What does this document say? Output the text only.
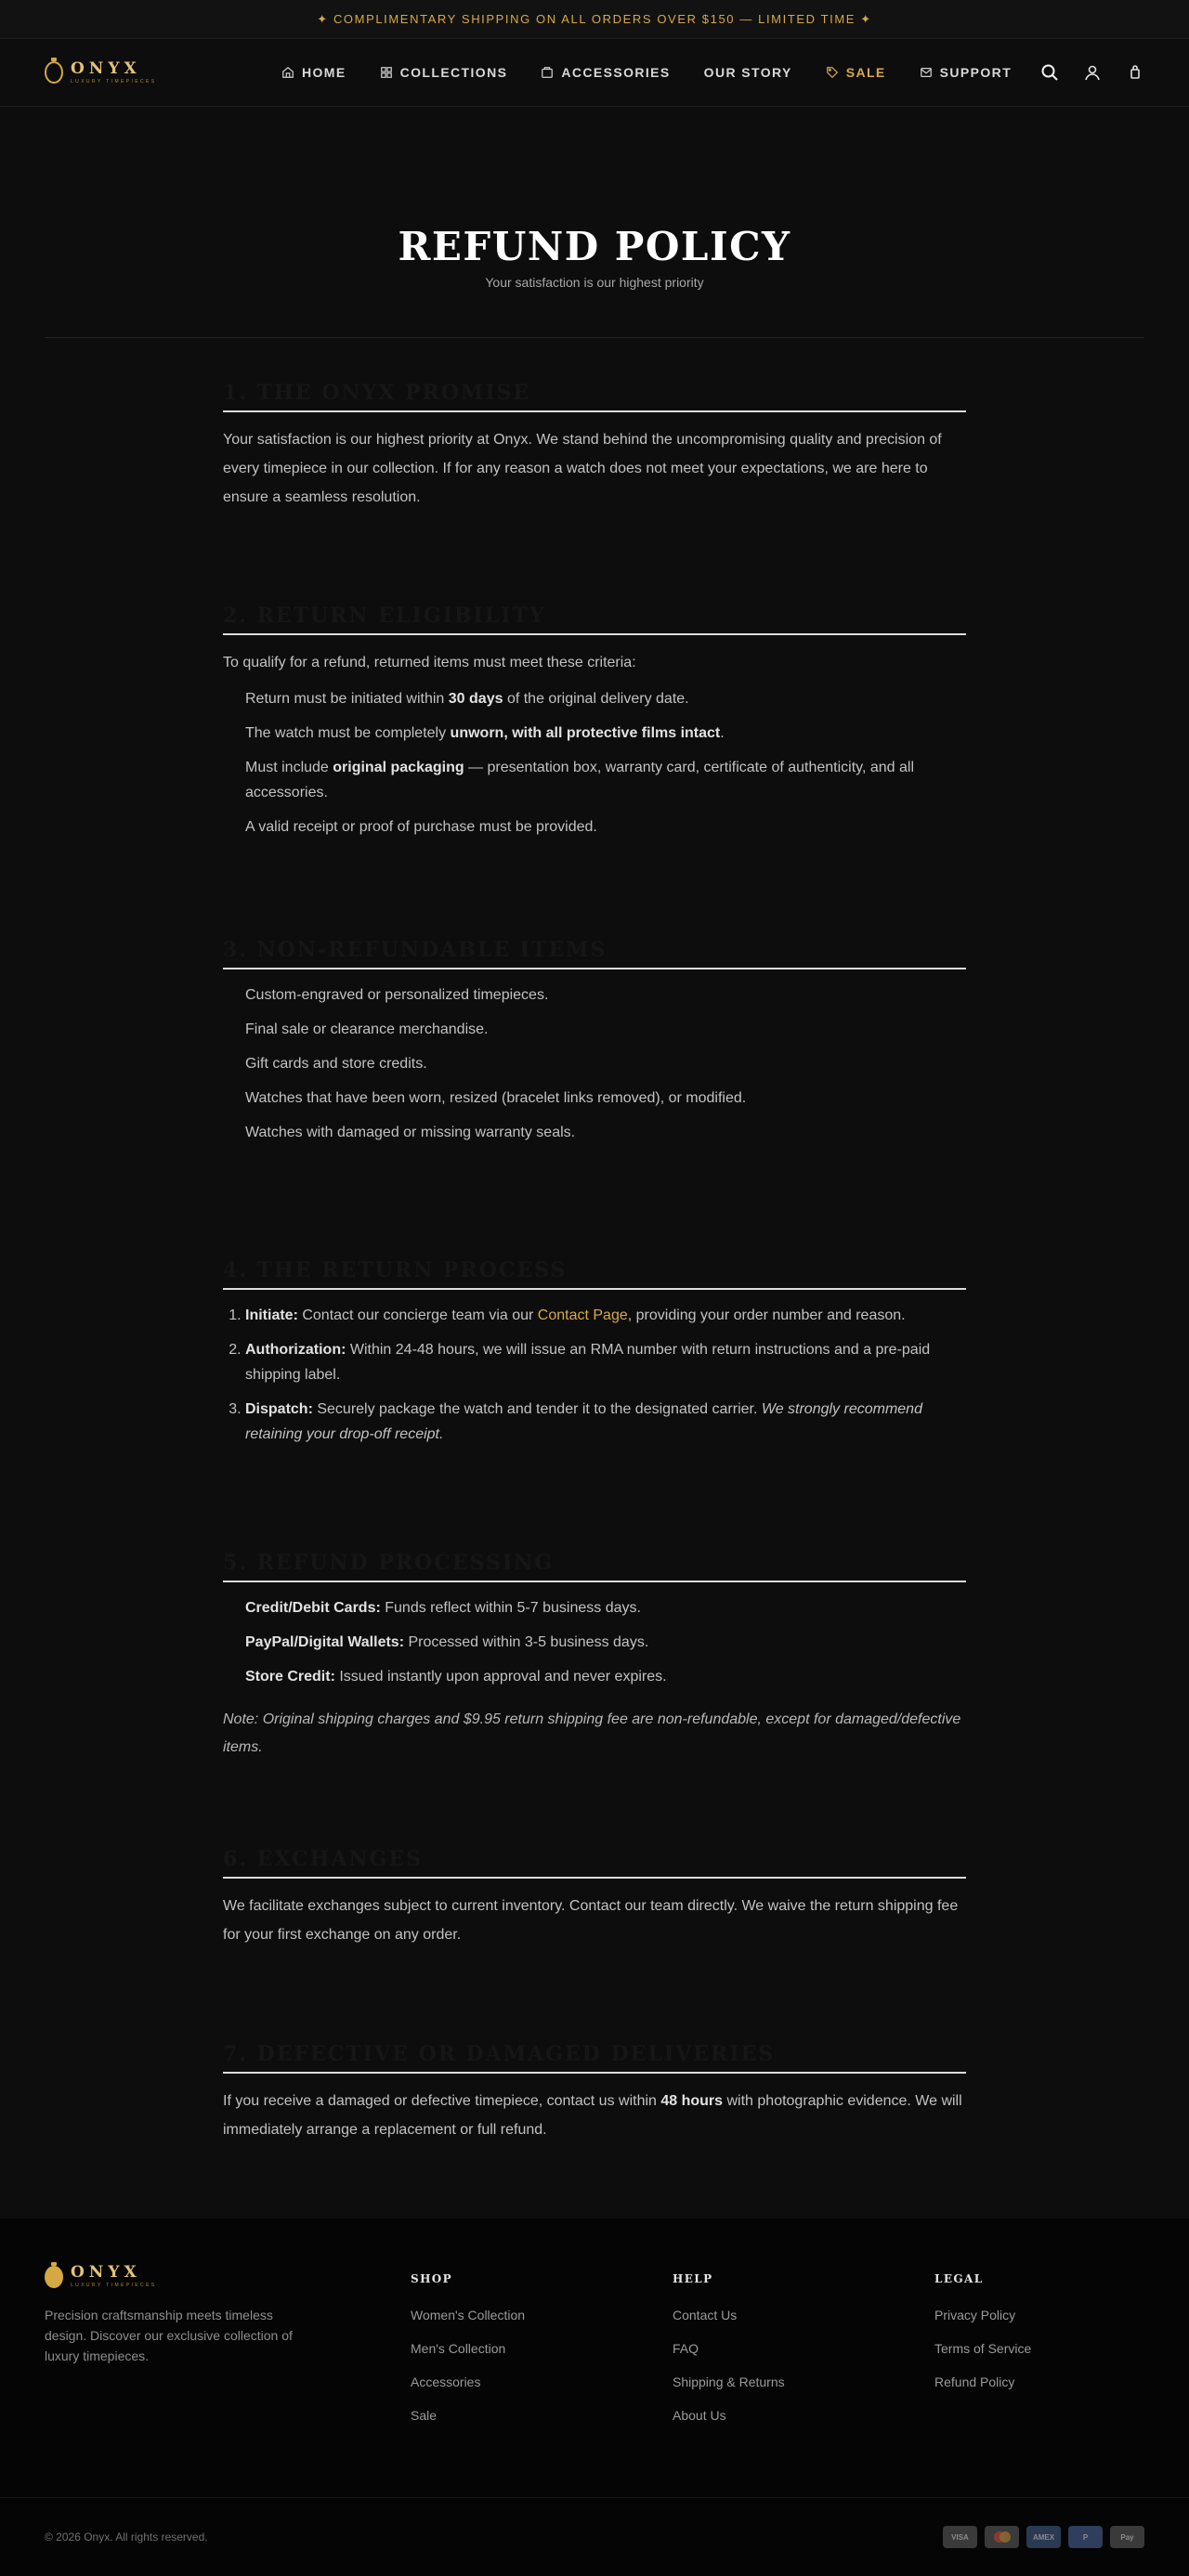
✦ COMPLIMENTARY SHIPPING ON ALL ORDERS OVER $150 — LIMITED TIME ✦
ONYX
LUXURY TIMEPIECES
HOME	COLLECTIONS	ACCESSORIES	OUR STORY	SALE	SUPPORT
REFUND POLICY

Your satisfaction is our highest priority

1. THE ONYX PROMISE

Your satisfaction is our highest priority at Onyx. We stand behind the uncompromising quality and precision of every timepiece in our collection. If for any reason a watch does not meet your expectations, we are here to ensure a seamless resolution.

2. RETURN ELIGIBILITY

To qualify for a refund, returned items must meet these criteria:

Return must be initiated within 30 days of the original delivery date.
The watch must be completely unworn, with all protective films intact.
Must include original packaging — presentation box, warranty card, certificate of authenticity, and all accessories.
A valid receipt or proof of purchase must be provided.
3. NON-REFUNDABLE ITEMS
Custom-engraved or personalized timepieces.
Final sale or clearance merchandise.
Gift cards and store credits.
Watches that have been worn, resized (bracelet links removed), or modified.
Watches with damaged or missing warranty seals.
4. THE RETURN PROCESS
1. Initiate: Contact our concierge team via our Contact Page, providing your order number and reason.
2. Authorization: Within 24-48 hours, we will issue an RMA number with return instructions and a pre-paid shipping label.
3. Dispatch: Securely package the watch and tender it to the designated carrier. We strongly recommend retaining your drop-off receipt.
5. REFUND PROCESSING
Credit/Debit Cards: Funds reflect within 5-7 business days.
PayPal/Digital Wallets: Processed within 3-5 business days.
Store Credit: Issued instantly upon approval and never expires.

Note: Original shipping charges and $9.95 return shipping fee are non-refundable, except for damaged/defective items.

6. EXCHANGES

We facilitate exchanges subject to current inventory. Contact our team directly. We waive the return shipping fee for your first exchange on any order.

7. DEFECTIVE OR DAMAGED DELIVERIES

If you receive a damaged or defective timepiece, contact us within 48 hours with photographic evidence. We will immediately arrange a replacement or full refund.

ONYX
LUXURY TIMEPIECES

Precision craftsmanship meets timeless design. Discover our exclusive collection of luxury timepieces.

SHOP
Women's Collection
Men's Collection
Accessories
Sale
HELP
Contact Us
FAQ
Shipping & Returns
About Us
LEGAL
Privacy Policy
Terms of Service
Refund Policy
© 2026 Onyx. All rights reserved.	VISA	AMEX	P	Pay
